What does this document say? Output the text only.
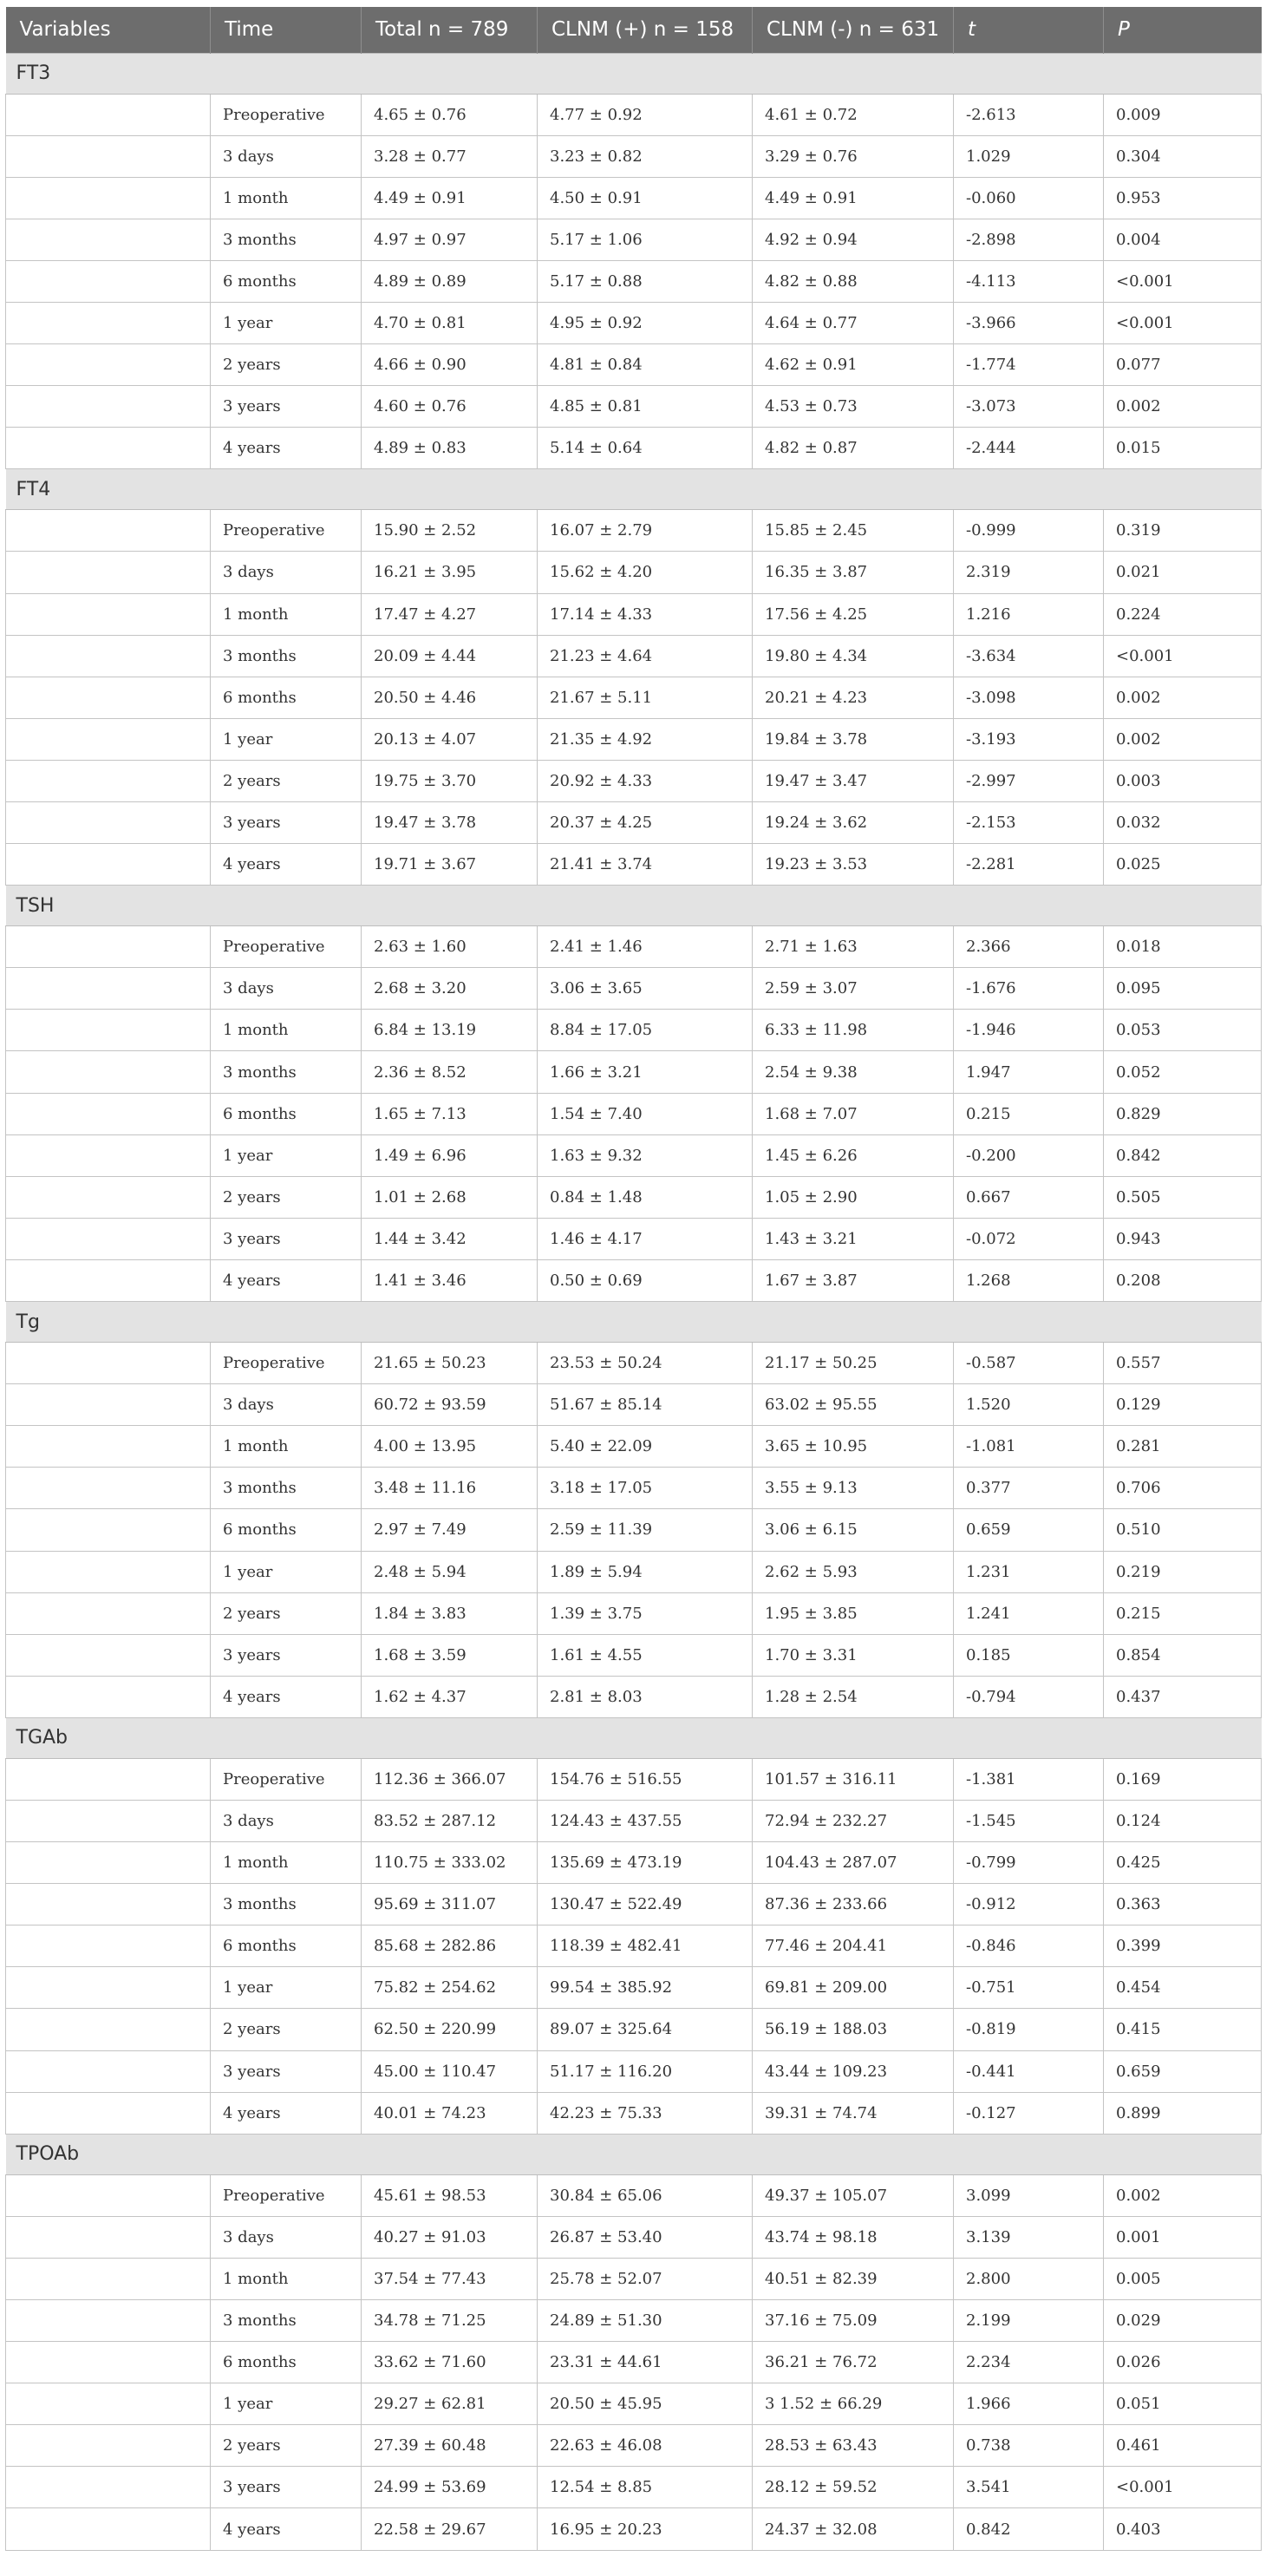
Variables	Time	Total n = 789	CLNM (+) n = 158	CLNM (-) n = 631	t	P
FT3						
	Preoperative	4.65 ± 0.76	4.77 ± 0.92	4.61 ± 0.72	-2.613	0.009
	3 days	3.28 ± 0.77	3.23 ± 0.82	3.29 ± 0.76	1.029	0.304
	1 month	4.49 ± 0.91	4.50 ± 0.91	4.49 ± 0.91	-0.060	0.953
	3 months	4.97 ± 0.97	5.17 ± 1.06	4.92 ± 0.94	-2.898	0.004
	6 months	4.89 ± 0.89	5.17 ± 0.88	4.82 ± 0.88	-4.113	<0.001
	1 year	4.70 ± 0.81	4.95 ± 0.92	4.64 ± 0.77	-3.966	<0.001
	2 years	4.66 ± 0.90	4.81 ± 0.84	4.62 ± 0.91	-1.774	0.077
	3 years	4.60 ± 0.76	4.85 ± 0.81	4.53 ± 0.73	-3.073	0.002
	4 years	4.89 ± 0.83	5.14 ± 0.64	4.82 ± 0.87	-2.444	0.015
FT4						
	Preoperative	15.90 ± 2.52	16.07 ± 2.79	15.85 ± 2.45	-0.999	0.319
	3 days	16.21 ± 3.95	15.62 ± 4.20	16.35 ± 3.87	2.319	0.021
	1 month	17.47 ± 4.27	17.14 ± 4.33	17.56 ± 4.25	1.216	0.224
	3 months	20.09 ± 4.44	21.23 ± 4.64	19.80 ± 4.34	-3.634	<0.001
	6 months	20.50 ± 4.46	21.67 ± 5.11	20.21 ± 4.23	-3.098	0.002
	1 year	20.13 ± 4.07	21.35 ± 4.92	19.84 ± 3.78	-3.193	0.002
	2 years	19.75 ± 3.70	20.92 ± 4.33	19.47 ± 3.47	-2.997	0.003
	3 years	19.47 ± 3.78	20.37 ± 4.25	19.24 ± 3.62	-2.153	0.032
	4 years	19.71 ± 3.67	21.41 ± 3.74	19.23 ± 3.53	-2.281	0.025
TSH						
	Preoperative	2.63 ± 1.60	2.41 ± 1.46	2.71 ± 1.63	2.366	0.018
	3 days	2.68 ± 3.20	3.06 ± 3.65	2.59 ± 3.07	-1.676	0.095
	1 month	6.84 ± 13.19	8.84 ± 17.05	6.33 ± 11.98	-1.946	0.053
	3 months	2.36 ± 8.52	1.66 ± 3.21	2.54 ± 9.38	1.947	0.052
	6 months	1.65 ± 7.13	1.54 ± 7.40	1.68 ± 7.07	0.215	0.829
	1 year	1.49 ± 6.96	1.63 ± 9.32	1.45 ± 6.26	-0.200	0.842
	2 years	1.01 ± 2.68	0.84 ± 1.48	1.05 ± 2.90	0.667	0.505
	3 years	1.44 ± 3.42	1.46 ± 4.17	1.43 ± 3.21	-0.072	0.943
	4 years	1.41 ± 3.46	0.50 ± 0.69	1.67 ± 3.87	1.268	0.208
Tg						
	Preoperative	21.65 ± 50.23	23.53 ± 50.24	21.17 ± 50.25	-0.587	0.557
	3 days	60.72 ± 93.59	51.67 ± 85.14	63.02 ± 95.55	1.520	0.129
	1 month	4.00 ± 13.95	5.40 ± 22.09	3.65 ± 10.95	-1.081	0.281
	3 months	3.48 ± 11.16	3.18 ± 17.05	3.55 ± 9.13	0.377	0.706
	6 months	2.97 ± 7.49	2.59 ± 11.39	3.06 ± 6.15	0.659	0.510
	1 year	2.48 ± 5.94	1.89 ± 5.94	2.62 ± 5.93	1.231	0.219
	2 years	1.84 ± 3.83	1.39 ± 3.75	1.95 ± 3.85	1.241	0.215
	3 years	1.68 ± 3.59	1.61 ± 4.55	1.70 ± 3.31	0.185	0.854
	4 years	1.62 ± 4.37	2.81 ± 8.03	1.28 ± 2.54	-0.794	0.437
TGAb						
	Preoperative	112.36 ± 366.07	154.76 ± 516.55	101.57 ± 316.11	-1.381	0.169
	3 days	83.52 ± 287.12	124.43 ± 437.55	72.94 ± 232.27	-1.545	0.124
	1 month	110.75 ± 333.02	135.69 ± 473.19	104.43 ± 287.07	-0.799	0.425
	3 months	95.69 ± 311.07	130.47 ± 522.49	87.36 ± 233.66	-0.912	0.363
	6 months	85.68 ± 282.86	118.39 ± 482.41	77.46 ± 204.41	-0.846	0.399
	1 year	75.82 ± 254.62	99.54 ± 385.92	69.81 ± 209.00	-0.751	0.454
	2 years	62.50 ± 220.99	89.07 ± 325.64	56.19 ± 188.03	-0.819	0.415
	3 years	45.00 ± 110.47	51.17 ± 116.20	43.44 ± 109.23	-0.441	0.659
	4 years	40.01 ± 74.23	42.23 ± 75.33	39.31 ± 74.74	-0.127	0.899
TPOAb						
	Preoperative	45.61 ± 98.53	30.84 ± 65.06	49.37 ± 105.07	3.099	0.002
	3 days	40.27 ± 91.03	26.87 ± 53.40	43.74 ± 98.18	3.139	0.001
	1 month	37.54 ± 77.43	25.78 ± 52.07	40.51 ± 82.39	2.800	0.005
	3 months	34.78 ± 71.25	24.89 ± 51.30	37.16 ± 75.09	2.199	0.029
	6 months	33.62 ± 71.60	23.31 ± 44.61	36.21 ± 76.72	2.234	0.026
	1 year	29.27 ± 62.81	20.50 ± 45.95	3 1.52 ± 66.29	1.966	0.051
	2 years	27.39 ± 60.48	22.63 ± 46.08	28.53 ± 63.43	0.738	0.461
	3 years	24.99 ± 53.69	12.54 ± 8.85	28.12 ± 59.52	3.541	<0.001
	4 years	22.58 ± 29.67	16.95 ± 20.23	24.37 ± 32.08	0.842	0.403
